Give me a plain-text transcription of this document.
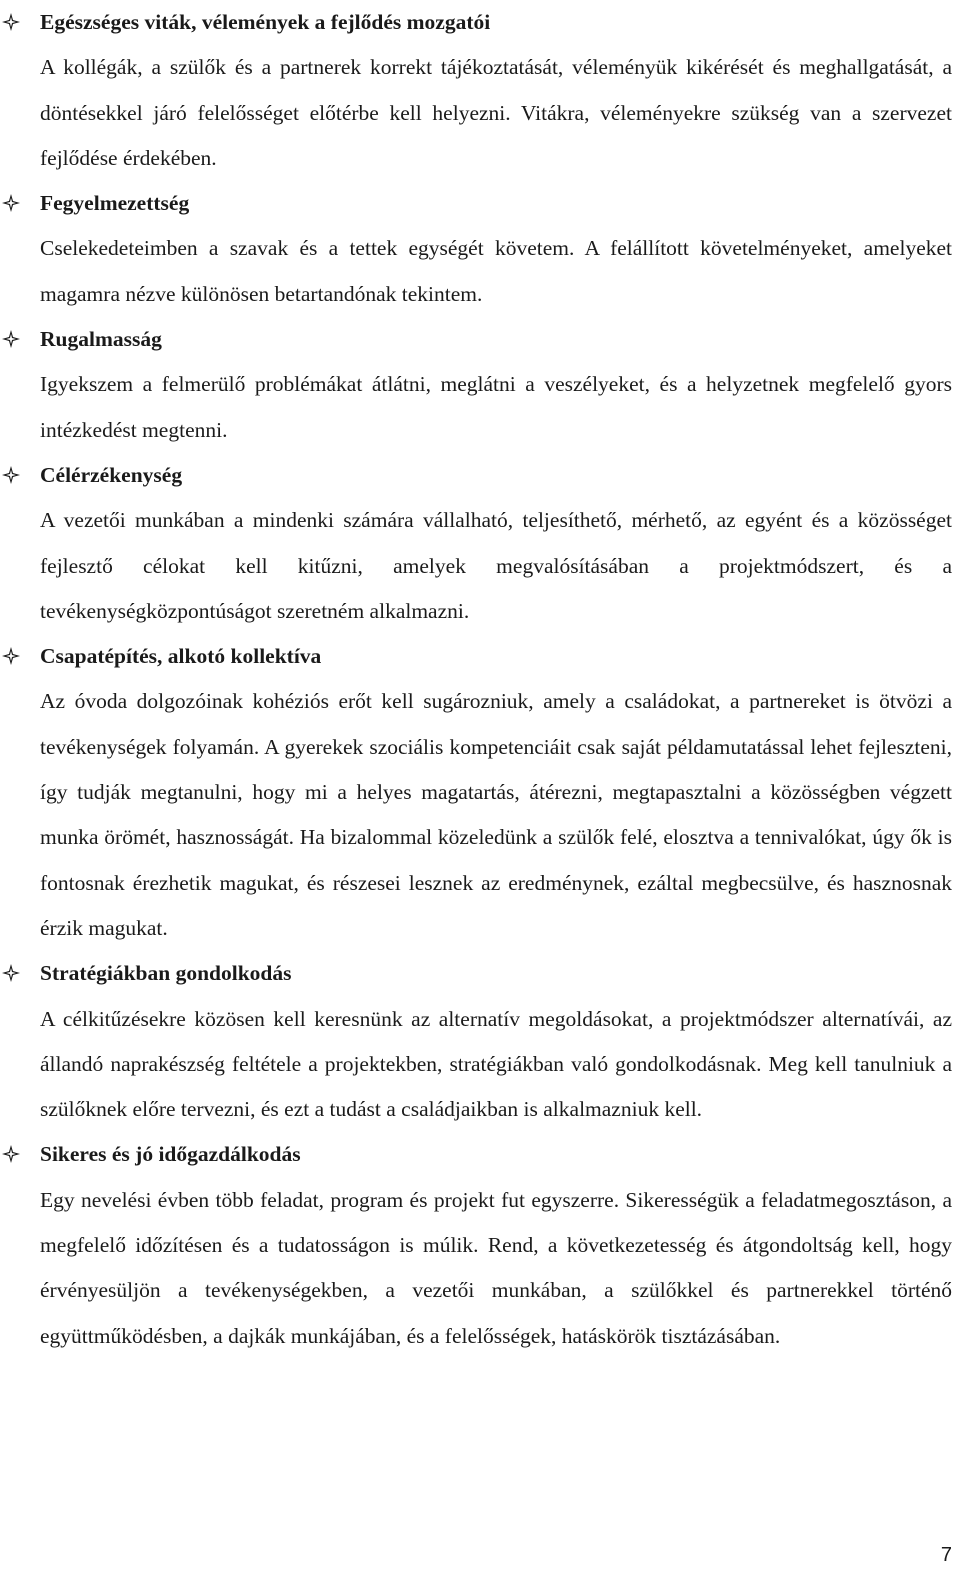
Egészséges viták, vélemények a fejlődés mozgatói

A kollégák, a szülők és a partnerek korrekt tájékoztatását, véleményük kikérését és meghallgatását, a döntésekkel járó felelősséget előtérbe kell helyezni. Vitákra, véleményekre szükség van a szervezet fejlődése érdekében.

Fegyelmezettség

Cselekedeteimben a szavak és a tettek egységét követem. A felállított követelményeket, amelyeket magamra nézve különösen betartandónak tekintem.

Rugalmasság

Igyekszem a felmerülő problémákat átlátni, meglátni a veszélyeket, és a helyzetnek megfelelő gyors intézkedést megtenni.

Célérzékenység

A vezetői munkában a mindenki számára vállalható, teljesíthető, mérhető, az egyént és a közösséget fejlesztő célokat kell kitűzni, amelyek megvalósításában a projektmódszert, és a tevékenységközpontúságot szeretném alkalmazni.

Csapatépítés, alkotó kollektíva

Az óvoda dolgozóinak kohéziós erőt kell sugározniuk, amely a családokat, a partnereket is ötvözi a tevékenységek folyamán. A gyerekek szociális kompetenciáit csak saját példamutatással lehet fejleszteni, így tudják megtanulni, hogy mi a helyes magatartás, átérezni, megtapasztalni a közösségben végzett munka örömét, hasznosságát. Ha bizalommal közeledünk a szülők felé, elosztva a tennivalókat, úgy ők is fontosnak érezhetik magukat, és részesei lesznek az eredménynek, ezáltal megbecsülve, és hasznosnak érzik magukat.

Stratégiákban gondolkodás

A célkitűzésekre közösen kell keresnünk az alternatív megoldásokat, a projektmódszer alternatívái, az állandó naprakészség feltétele a projektekben, stratégiákban való gondolkodásnak. Meg kell tanulniuk a szülőknek előre tervezni, és ezt a tudást a családjaikban is alkalmazniuk kell.

Sikeres és jó időgazdálkodás

Egy nevelési évben több feladat, program és projekt fut egyszerre. Sikerességük a feladatmegosztáson, a megfelelő időzítésen és a tudatosságon is múlik. Rend, a következetesség és átgondoltság kell, hogy érvényesüljön a tevékenységekben, a vezetői munkában, a szülőkkel és partnerekkel történő együttműködésben, a dajkák munkájában, és a felelősségek, hatáskörök tisztázásában.

7
